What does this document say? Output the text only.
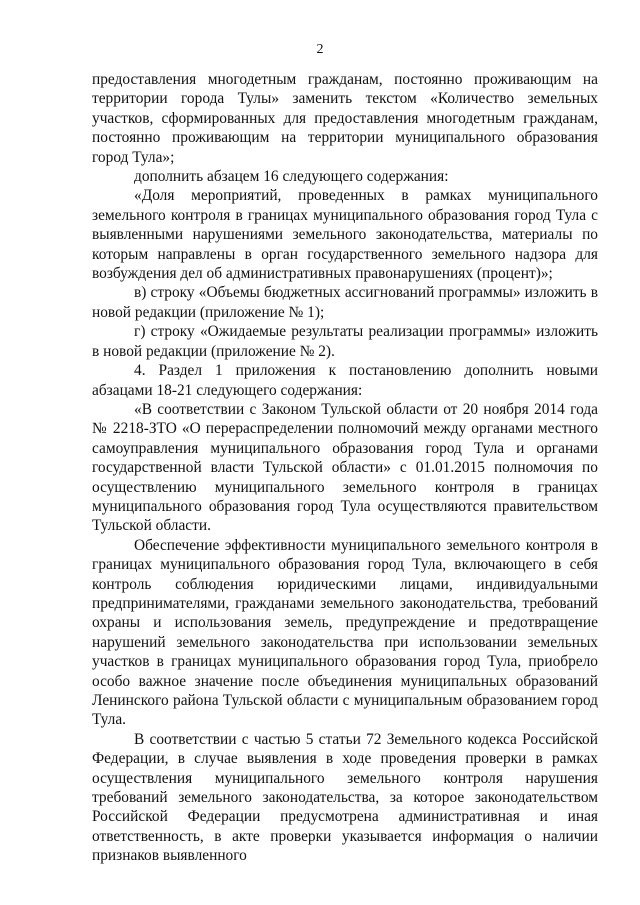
2

предоставления многодетным гражданам, постоянно проживающим на территории города Тулы» заменить текстом «Количество земельных участков, сформированных для предоставления многодетным гражданам, постоянно проживающим на территории муниципального образования город Тула»;

дополнить абзацем 16 следующего содержания:

«Доля мероприятий, проведенных в рамках муниципального земельного контроля в границах муниципального образования город Тула с выявленными нарушениями земельного законодательства, материалы по которым направлены в орган государственного земельного надзора для возбуждения дел об административных правонарушениях (процент)»;

в) строку «Объемы бюджетных ассигнований программы» изложить в новой редакции (приложение № 1);

г) строку «Ожидаемые результаты реализации программы» изложить в новой редакции (приложение № 2).

4. Раздел 1 приложения к постановлению дополнить новыми абзацами 18-21 следующего содержания:

«В соответствии с Законом Тульской области от 20 ноября 2014 года № 2218-ЗТО «О перераспределении полномочий между органами местного самоуправления муниципального образования город Тула и органами государственной власти Тульской области» с 01.01.2015 полномочия по осуществлению муниципального земельного контроля в границах муниципального образования город Тула осуществляются правительством Тульской области.

Обеспечение эффективности муниципального земельного контроля в границах муниципального образования город Тула, включающего в себя контроль соблюдения юридическими лицами, индивидуальными предпринимателями, гражданами земельного законодательства, требований охраны и использования земель, предупреждение и предотвращение нарушений земельного законодательства при использовании земельных участков в границах муниципального образования город Тула, приобрело особо важное значение после объединения муниципальных образований Ленинского района Тульской области с муниципальным образованием город Тула.

В соответствии с частью 5 статьи 72 Земельного кодекса Российской Федерации, в случае выявления в ходе проведения проверки в рамках осуществления муниципального земельного контроля нарушения требований земельного законодательства, за которое законодательством Российской Федерации предусмотрена административная и иная ответственность, в акте проверки указывается информация о наличии признаков выявленного
